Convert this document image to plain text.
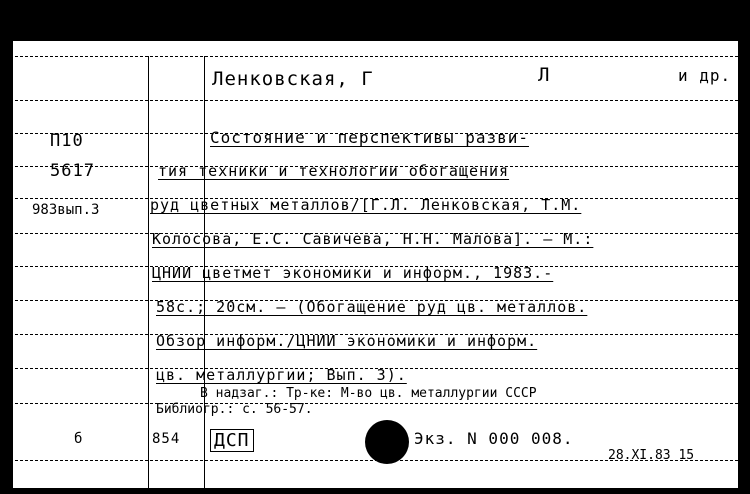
Ленковская, Г	Л	и др.
П10
5617
983вып.3
Состояние и перспективы разви-
тия техники и технологии обогащения
руд цветных металлов/[Г.Л. Ленковская, Т.М.
Колосова, Е.С. Савичева, Н.Н. Малова]. — М.:
ЦНИИ цветмет экономики и информ., 1983.-
58с.; 20см. — (Обогащение руд цв. металлов.
Обзор информ./ЦНИИ экономики и информ.
цв. металлургии; Вып. 3).
В надзаг.: Тр-ке: М-во цв. металлургии СССР
Библиогр.: с. 56-57.
б	854 ДСП	Экз. N 000 008.
28.XI.83 15
